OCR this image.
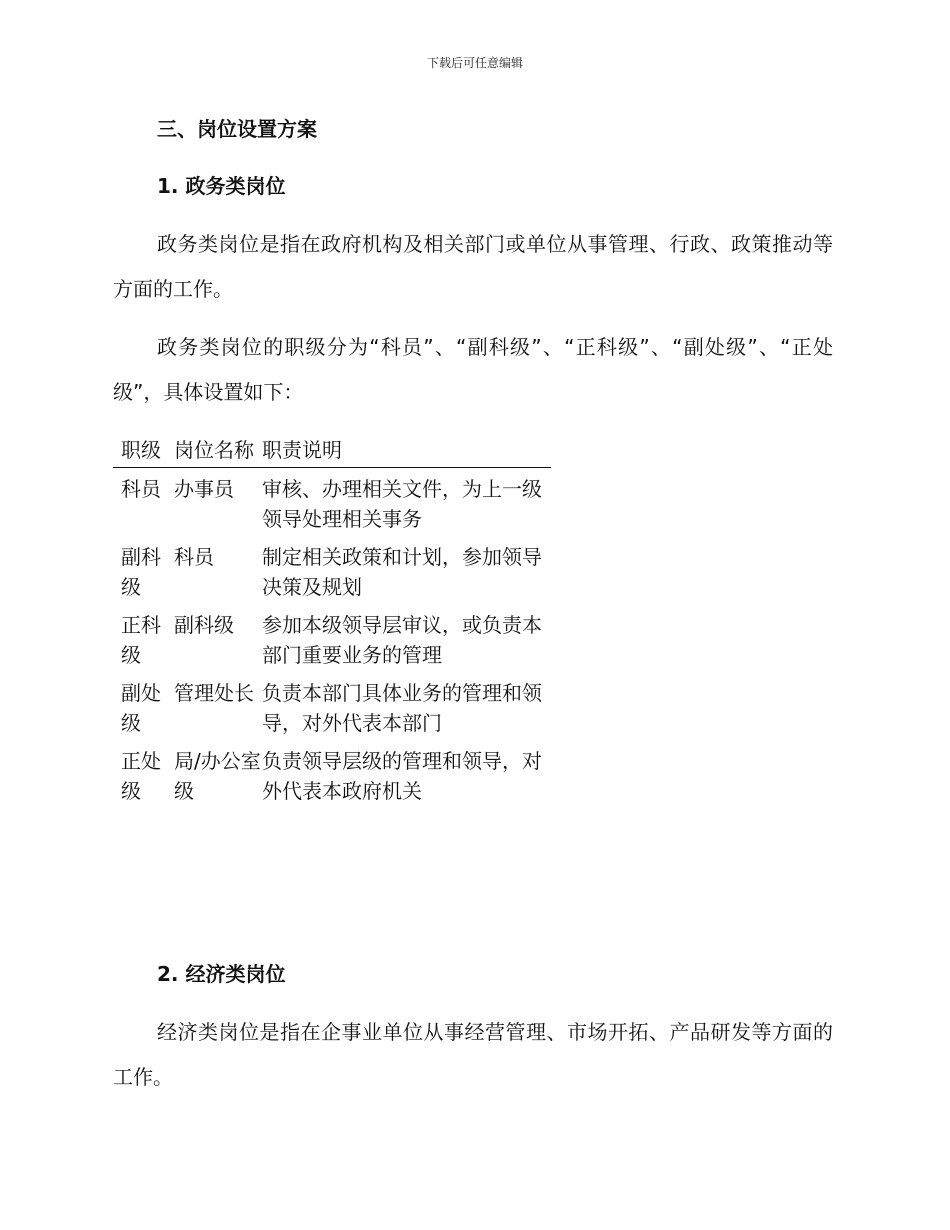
下载后可任意编辑
三、岗位设置方案
1. 政务类岗位
政务类岗位是指在政府机构及相关部门或单位从事管理、行政、政策推动等方面的工作。
政务类岗位的职级分为“科员”、“副科级”、“正科级”、“副处级”、“正处级”，具体设置如下：
职级	岗位名称	职责说明
科员	办事员	审核、办理相关文件，为上一级领导处理相关事务
副科级	科员	制定相关政策和计划，参加领导决策及规划
正科级	副科级	参加本级领导层审议，或负责本部门重要业务的管理
副处级	管理处长	负责本部门具体业务的管理和领导，对外代表本部门
正处级	局/办公室级	负责领导层级的管理和领导，对外代表本政府机关
2. 经济类岗位
经济类岗位是指在企事业单位从事经营管理、市场开拓、产品研发等方面的工作。
